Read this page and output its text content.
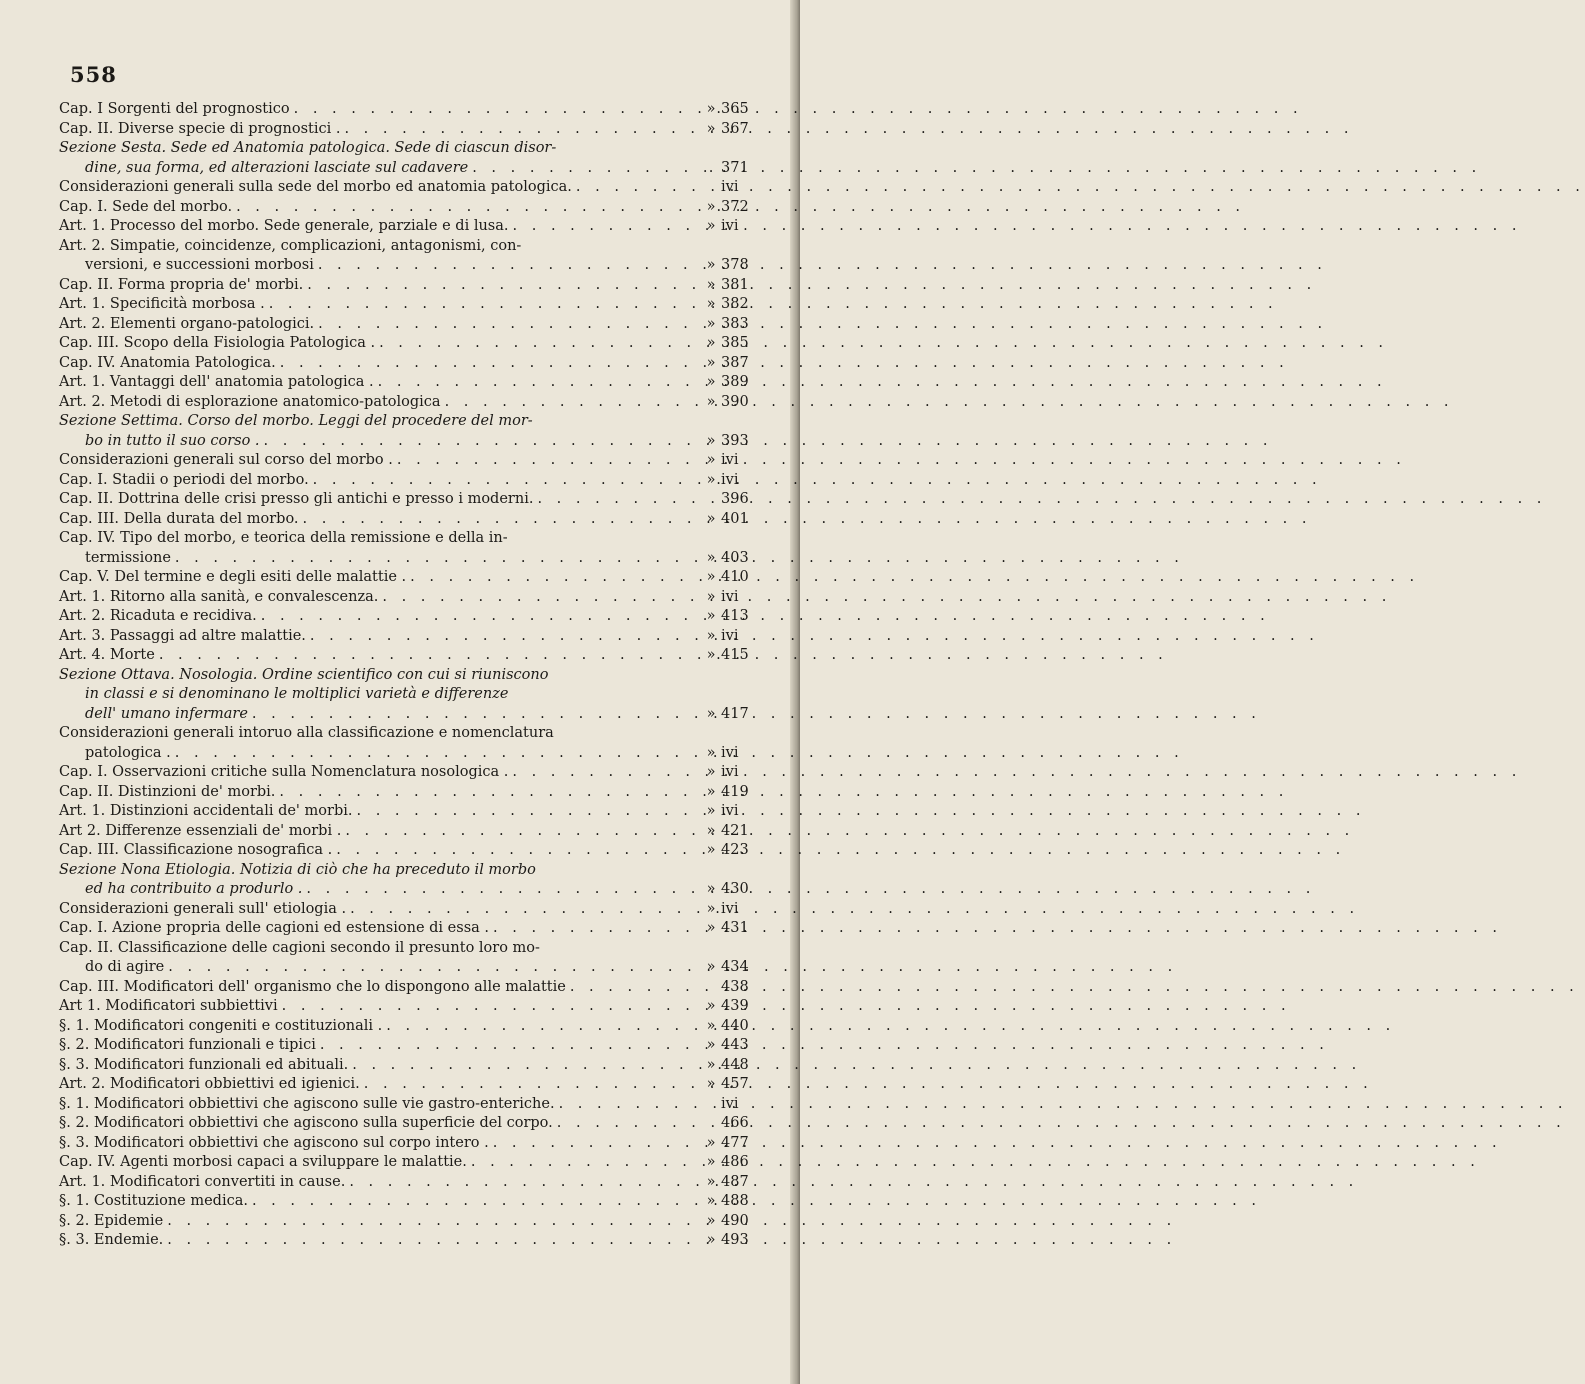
558
Cap. I Sorgenti del prognostico . . .	» 365
Cap. II. Diverse specie di prognostici . . . .	» 367
Sezione Sesta. Sede ed Anatomia patologica. Sede di ciascun disor-
dine, sua forma, ed alterazioni lasciate sul cadavere . . .	. 371
Considerazioni generali sulla sede del morbo ed anatomia patologica. . . .	ivi
Cap. I. Sede del morbo. . . .	» 372
Art. 1. Processo del morbo. Sede generale, parziale e di lusa. . . .	» ivi
Art. 2. Simpatie, coincidenze, complicazioni, antagonismi, con-
versioni, e successioni morbosi . . .	» 378
Cap. II. Forma propria de' morbi. . . .	» 381
Art. 1. Specificità morbosa . . . .	» 382
Art. 2. Elementi organo-patologici. . . .	» 383
Cap. III. Scopo della Fisiologia Patologica . . . .	» 385
Cap. IV. Anatomia Patologica. . . .	» 387
Art. 1. Vantaggi dell' anatomia patologica . . . .	» 389
Art. 2. Metodi di esplorazione anatomico-patologica . . .	» 390
Sezione Settima. Corso del morbo. Leggi del procedere del mor-
bo in tutto il suo corso . . . .	» 393
Considerazioni generali sul corso del morbo . . . .	» ivi
Cap. I. Stadii o periodi del morbo. . . .	» ivi
Cap. II. Dottrina delle crisi presso gli antichi e presso i moderni. . . .	396
Cap. III. Della durata del morbo. . . .	» 401
Cap. IV. Tipo del morbo, e teorica della remissione e della in-
termissione . . .	» 403
Cap. V. Del termine e degli esiti delle malattie . . . .	» 410
Art. 1. Ritorno alla sanità, e convalescenza. . . .	» ivi
Art. 2. Ricaduta e recidiva. . . .	» 413
Art. 3. Passaggi ad altre malattie. . . .	» ivi
Art. 4. Morte . . .	» 415
Sezione Ottava. Nosologia. Ordine scientifico con cui si riuniscono
in classi e si denominano le moltiplici varietà e differenze
dell' umano infermare . . .	» 417
Considerazioni generali intoruo alla classificazione e nomenclatura
patologica . . . .	» ivi
Cap. I. Osservazioni critiche sulla Nomenclatura nosologica . . . .	» ivi
Cap. II. Distinzioni de' morbi. . . .	» 419
Art. 1. Distinzioni accidentali de' morbi. . . .	» ivi
Art 2. Differenze essenziali de' morbi . . . .	» 421
Cap. III. Classificazione nosografica . . . .	» 423
Sezione Nona Etiologia. Notizia di ciò che ha preceduto il morbo
ed ha contribuito a produrlo . . . .	» 430
Considerazioni generali sull' etiologia . . . .	» ivi
Cap. I. Azione propria delle cagioni ed estensione di essa . . . .	» 431
Cap. II. Classificazione delle cagioni secondo il presunto loro mo-
do di agire . . .	» 434
Cap. III. Modificatori dell' organismo che lo dispongono alle malattie . . .	438
Art 1. Modificatori subbiettivi . . .	» 439
§. 1. Modificatori congeniti e costituzionali . . . .	» 440
§. 2. Modificatori funzionali e tipici . . .	» 443
§. 3. Modificatori funzionali ed abituali. . . .	» 448
Art. 2. Modificatori obbiettivi ed igienici. . . .	» 457
§. 1. Modificatori obbiettivi che agiscono sulle vie gastro-enteriche. . . .	ivi
§. 2. Modificatori obbiettivi che agiscono sulla superficie del corpo. . . .	466
§. 3. Modificatori obbiettivi che agiscono sul corpo intero . . . .	» 477
Cap. IV. Agenti morbosi capaci a sviluppare le malattie. . . .	» 486
Art. 1. Modificatori convertiti in cause. . . .	» 487
§. 1. Costituzione medica. . . .	» 488
§. 2. Epidemie . . .	» 490
§. 3. Endemie. . . .	» 493
